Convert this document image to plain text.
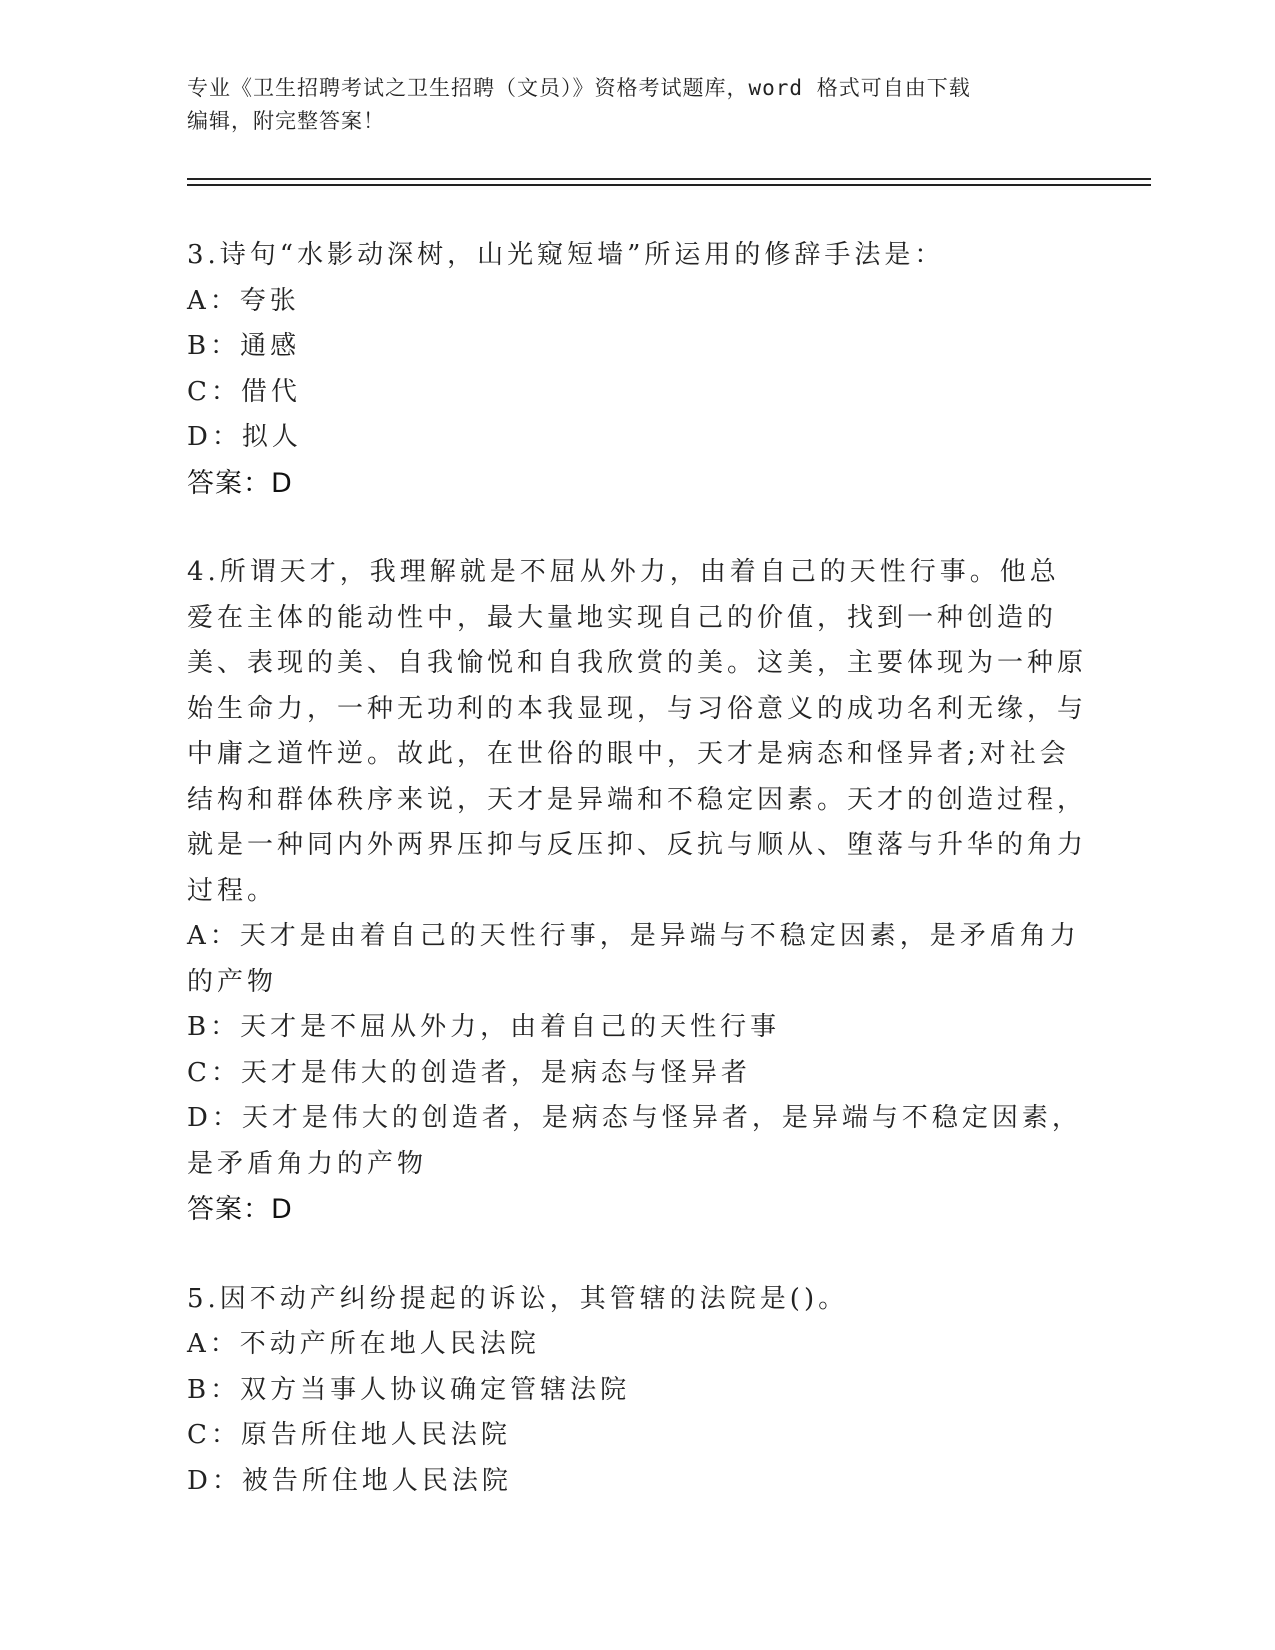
专业《卫生招聘考试之卫生招聘（文员）》资格考试题库，word 格式可自由下载
编辑，附完整答案！
3.诗句“水影动深树，山光窥短墙”所运用的修辞手法是：
A：夸张
B：通感
C：借代
D：拟人
答案：D
4.所谓天才，我理解就是不屈从外力，由着自己的天性行事。他总爱在主体的能动性中，最大量地实现自己的价值，找到一种创造的美、表现的美、自我愉悦和自我欣赏的美。这美，主要体现为一种原始生命力，一种无功利的本我显现，与习俗意义的成功名利无缘，与中庸之道忤逆。故此，在世俗的眼中，天才是病态和怪异者;对社会结构和群体秩序来说，天才是异端和不稳定因素。天才的创造过程，就是一种同内外两界压抑与反压抑、反抗与顺从、堕落与升华的角力过程。
A：天才是由着自己的天性行事，是异端与不稳定因素，是矛盾角力的产物
B：天才是不屈从外力，由着自己的天性行事
C：天才是伟大的创造者，是病态与怪异者
D：天才是伟大的创造者，是病态与怪异者，是异端与不稳定因素，是矛盾角力的产物
答案：D
5.因不动产纠纷提起的诉讼，其管辖的法院是()。
A：不动产所在地人民法院
B：双方当事人协议确定管辖法院
C：原告所住地人民法院
D：被告所住地人民法院
